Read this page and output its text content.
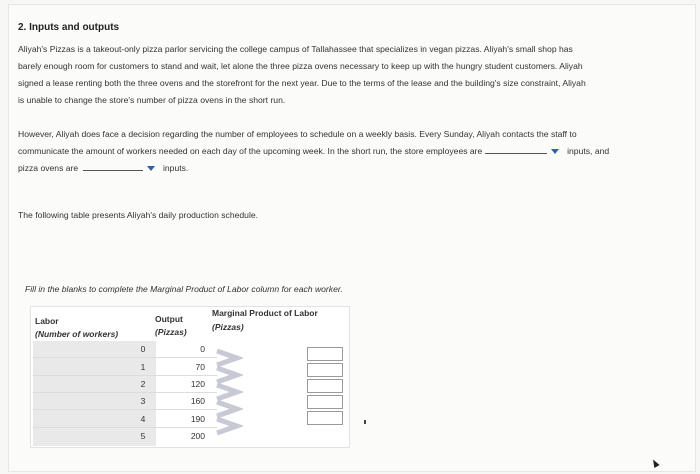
2. Inputs and outputs
Aliyah's Pizzas is a takeout-only pizza parlor servicing the college campus of Tallahassee that specializes in vegan pizzas. Aliyah's small shop has
barely enough room for customers to stand and wait, let alone the three pizza ovens necessary to keep up with the hungry student customers. Aliyah
signed a lease renting both the three ovens and the storefront for the next year. Due to the terms of the lease and the building's size constraint, Aliyah
is unable to change the store's number of pizza ovens in the short run.
However, Aliyah does face a decision regarding the number of employees to schedule on a weekly basis. Every Sunday, Aliyah contacts the staff to
communicate the amount of workers needed on each day of the upcoming week. In the short run, the store employees are	inputs, and
pizza ovens are	inputs.
The following table presents Aliyah's daily production schedule.
Fill in the blanks to complete the Marginal Product of Labor column for each worker.
Labor
(Number of workers)
Output
(Pizzas)
Marginal Product of Labor
(Pizzas)
0	0
1	70
2	120
3	160
4	190
5	200
